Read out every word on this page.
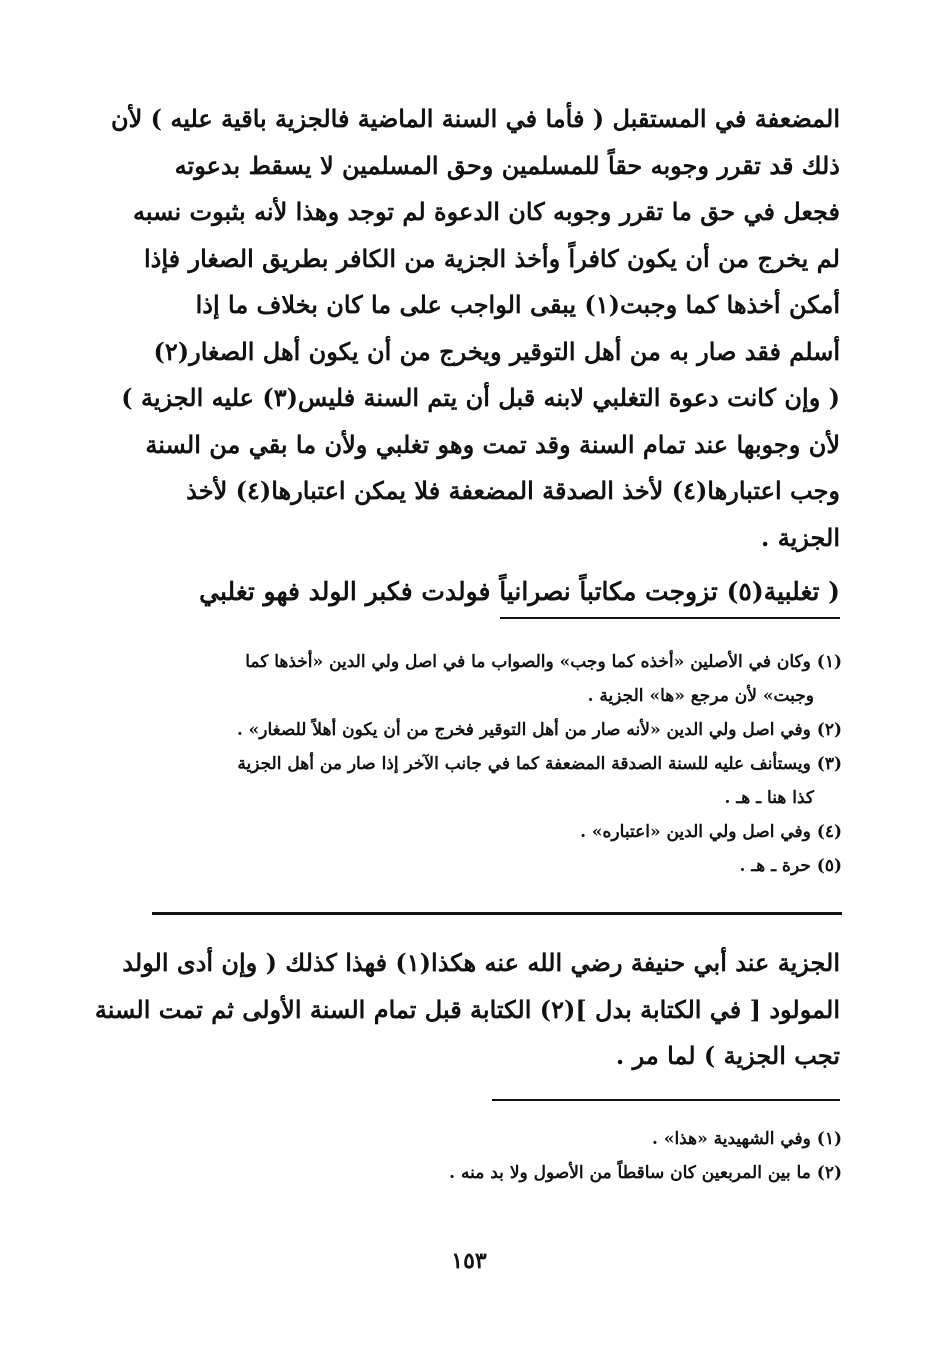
المضعفة في المستقبل ( فأما في السنة الماضية فالجزية باقية عليه ) لأن
ذلك قد تقرر وجوبه حقاً للمسلمين وحق المسلمين لا يسقط بدعوته
فجعل في حق ما تقرر وجوبه كان الدعوة لم توجد وهذا لأنه بثبوت نسبه
لم يخرج من أن يكون كافراً وأخذ الجزية من الكافر بطريق الصغار فإذا
أمكن أخذها كما وجبت(١) يبقى الواجب على ما كان بخلاف ما إذا
أسلم فقد صار به من أهل التوقير ويخرج من أن يكون أهل الصغار(٢)
( وإن كانت دعوة التغلبي لابنه قبل أن يتم السنة فليس(٣) عليه الجزية )
لأن وجوبها عند تمام السنة وقد تمت وهو تغلبي ولأن ما بقي من السنة
وجب اعتبارها(٤) لأخذ الصدقة المضعفة فلا يمكن اعتبارها(٤) لأخذ
الجزية .
( تغلبية(٥) تزوجت مكاتباً نصرانياً فولدت فكبر الولد فهو تغلبي

(١) وكان في الأصلين «أخذه كما وجب» والصواب ما في اصل ولي الدين «أخذها كما
وجبت» لأن مرجع «ها» الجزية .

(٢) وفي اصل ولي الدين «لأنه صار من أهل التوقير فخرج من أن يكون أهلاً للصغار» .

(٣) ويستأنف عليه للسنة الصدقة المضعفة كما في جانب الآخر إذا صار من أهل الجزية
كذا هنا ـ هـ .

(٤) وفي اصل ولي الدين «اعتباره» .

(٥) حرة ـ هـ .

الجزية عند أبي حنيفة رضي الله عنه هكذا(١) فهذا كذلك ( وإن أدى الولد
المولود [ في الكتابة بدل ](٢) الكتابة قبل تمام السنة الأولى ثم تمت السنة
تجب الجزية ) لما مر .

(١) وفي الشهيدية «هذا» .

(٢) ما بين المربعين كان ساقطاً من الأصول ولا بد منه .

١٥٣
